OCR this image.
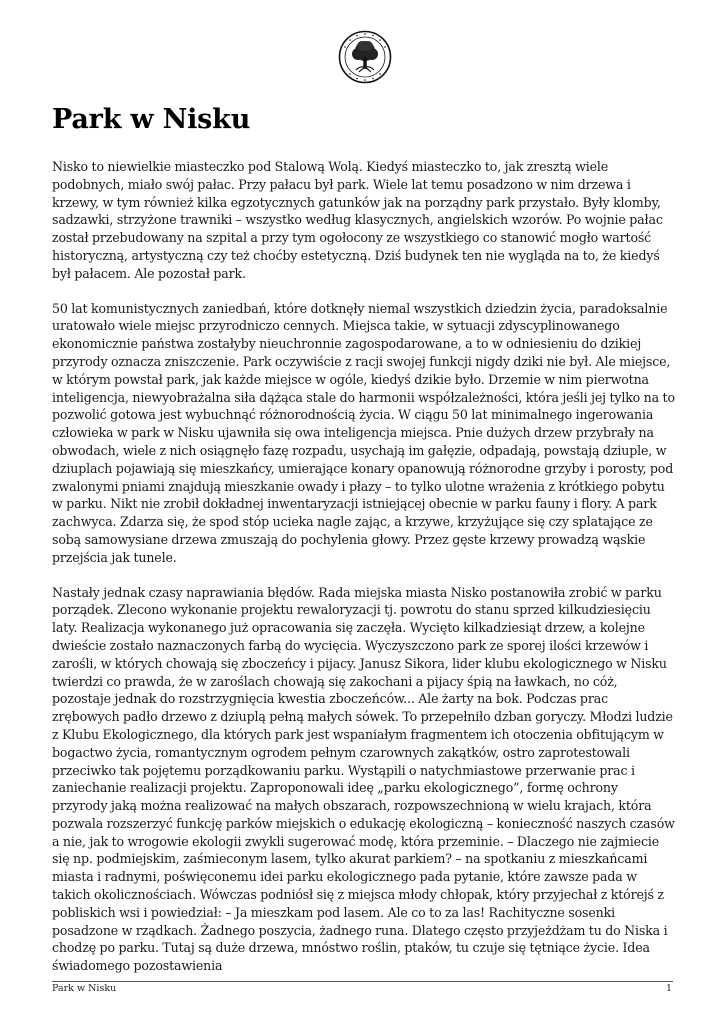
Park w Nisku

Nisko to niewielkie miasteczko pod Stalową Wolą. Kiedyś miasteczko to, jak zresztą wiele podobnych, miało swój pałac. Przy pałacu był park. Wiele lat temu posadzono w nim drzewa i krzewy, w tym również kilka egzotycznych gatunków jak na porządny park przystało. Były klomby, sadzawki, strzyżone trawniki – wszystko według klasycznych, angielskich wzorów. Po wojnie pałac został przebudowany na szpital a przy tym ogołocony ze wszystkiego co stanowić mogło wartość historyczną, artystyczną czy też choćby estetyczną. Dziś budynek ten nie wygląda na to, że kiedyś był pałacem. Ale pozostał park.

50 lat komunistycznych zaniedbań, które dotknęły niemal wszystkich dziedzin życia, paradoksalnie uratowało wiele miejsc przyrodniczo cennych. Miejsca takie, w sytuacji zdyscyplinowanego ekonomicznie państwa zostałyby nieuchronnie zagospodarowane, a to w odniesieniu do dzikiej przyrody oznacza zniszczenie. Park oczywiście z racji swojej funkcji nigdy dziki nie był. Ale miejsce, w którym powstał park, jak każde miejsce w ogóle, kiedyś dzikie było. Drzemie w nim pierwotna inteligencja, niewyobrażalna siła dążąca stale do harmonii współzależności, która jeśli jej tylko na to pozwolić gotowa jest wybuchnąć różnorodnością życia. W ciągu 50 lat minimalnego ingerowania człowieka w park w Nisku ujawniła się owa inteligencja miejsca. Pnie dużych drzew przybrały na obwodach, wiele z nich osiągnęło fazę rozpadu, usychają im gałęzie, odpadają, powstają dziuple, w dziuplach pojawiają się mieszkańcy, umierające konary opanowują różnorodne grzyby i porosty, pod zwalonymi pniami znajdują mieszkanie owady i płazy – to tylko ulotne wrażenia z krótkiego pobytu w parku. Nikt nie zrobił dokładnej inwentaryzacji istniejącej obecnie w parku fauny i flory. A park zachwyca. Zdarza się, że spod stóp ucieka nagle zając, a krzywe, krzyżujące się czy splatające ze sobą samowysiane drzewa zmuszają do pochylenia głowy. Przez gęste krzewy prowadzą wąskie przejścia jak tunele.

Nastały jednak czasy naprawiania błędów. Rada miejska miasta Nisko postanowiła zrobić w parku porządek. Zlecono wykonanie projektu rewaloryzacji tj. powrotu do stanu sprzed kilkudziesięciu laty. Realizacja wykonanego już opracowania się zaczęła. Wycięto kilkadziesiąt drzew, a kolejne dwieście zostało naznaczonych farbą do wycięcia. Wyczyszczono park ze sporej ilości krzewów i zarośli, w których chowają się zboczeńcy i pijacy. Janusz Sikora, lider klubu ekologicznego w Nisku twierdzi co prawda, że w zaroślach chowają się zakochani a pijacy śpią na ławkach, no cóż, pozostaje jednak do rozstrzygnięcia kwestia zboczeńców... Ale żarty na bok. Podczas prac zrębowych padło drzewo z dziuplą pełną małych sówek. To przepełniło dzban goryczy. Młodzi ludzie z Klubu Ekologicznego, dla których park jest wspaniałym fragmentem ich otoczenia obfitującym w bogactwo życia, romantycznym ogrodem pełnym czarownych zakątków, ostro zaprotestowali przeciwko tak pojętemu porządkowaniu parku. Wystąpili o natychmiastowe przerwanie prac i zaniechanie realizacji projektu. Zaproponowali ideę „parku ekologicznego”, formę ochrony przyrody jaką można realizować na małych obszarach, rozpowszechnioną w wielu krajach, która pozwala rozszerzyć funkcję parków miejskich o edukację ekologiczną – konieczność naszych czasów a nie, jak to wrogowie ekologii zwykli sugerować modę, która przeminie. – Dlaczego nie zajmiecie się np. podmiejskim, zaśmieconym lasem, tylko akurat parkiem? – na spotkaniu z mieszkańcami miasta i radnymi, poświęconemu idei parku ekologicznego pada pytanie, które zawsze pada w takich okolicznościach. Wówczas podniósł się z miejsca młody chłopak, który przyjechał z którejś z pobliskich wsi i powiedział: – Ja mieszkam pod lasem. Ale co to za las! Rachityczne sosenki posadzone w rządkach. Żadnego poszycia, żadnego runa. Dlatego często przyjeżdżam tu do Niska i chodzę po parku. Tutaj są duże drzewa, mnóstwo roślin, ptaków, tu czuje się tętniące życie. Idea świadomego pozostawienia

Park w Nisku	1
